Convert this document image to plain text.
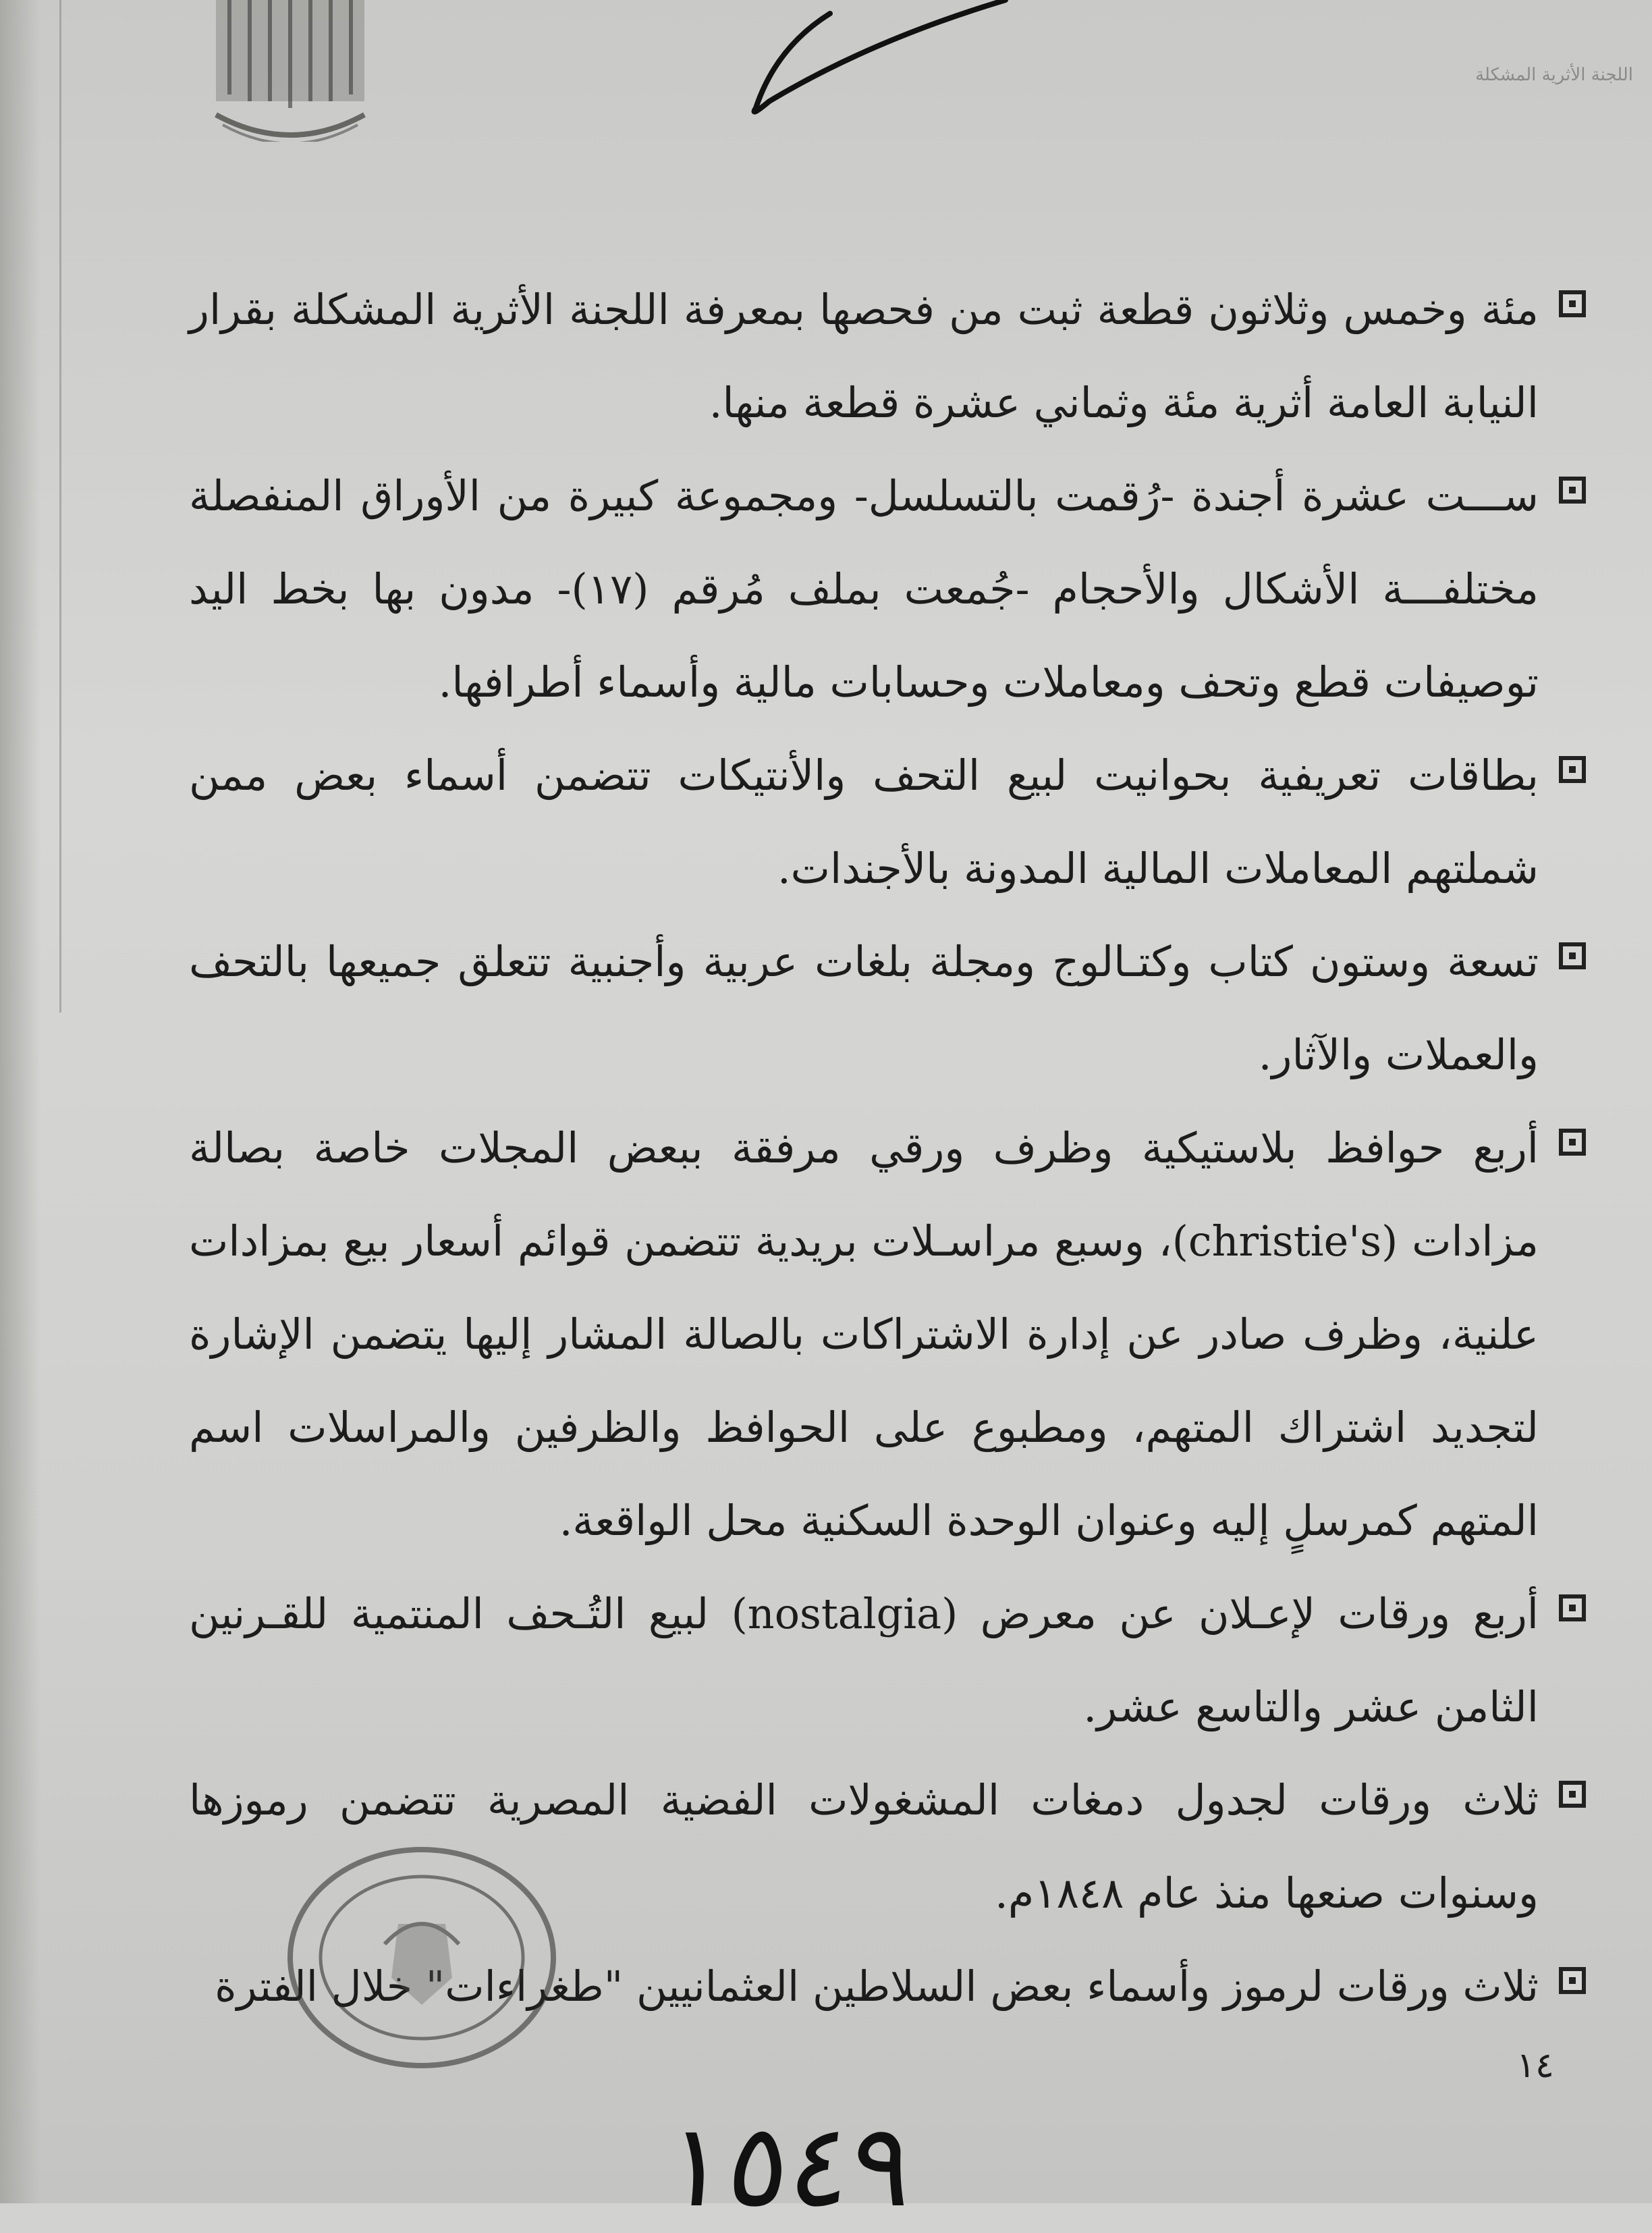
اللجنة الأثرية المشكلة
مئة وخمس وثلاثون قطعة ثبت من فحصها بمعرفة اللجنة الأثرية المشكلة بقرار النيابة العامة أثرية مئة وثماني عشرة قطعة منها.
ســـت عشرة أجندة -رُقمت بالتسلسل- ومجموعة كبيرة من الأوراق المنفصلة مختلفـــة الأشكال والأحجام -جُمعت بملف مُرقم (١٧)- مدون بها بخط اليد توصيفات قطع وتحف ومعاملات وحسابات مالية وأسماء أطرافها.
بطاقات تعريفية بحوانيت لبيع التحف والأنتيكات تتضمن أسماء بعض ممن شملتهم المعاملات المالية المدونة بالأجندات.
تسعة وستون كتاب وكتـالوج ومجلة بلغات عربية وأجنبية تتعلق جميعها بالتحف والعملات والآثار.
أربع حوافظ بلاستيكية وظرف ورقي مرفقة ببعض المجلات خاصة بصالة مزادات (christie's)، وسبع مراسـلات بريدية تتضمن قوائم أسعار بيع بمزادات علنية، وظرف صادر عن إدارة الاشتراكات بالصالة المشار إليها يتضمن الإشارة لتجديد اشتراك المتهم، ومطبوع على الحوافظ والظرفين والمراسلات اسم المتهم كمرسلٍ إليه وعنوان الوحدة السكنية محل الواقعة.
أربع ورقات لإعـلان عن معرض (nostalgia) لبيع التُـحف المنتمية للقـرنين الثامن عشر والتاسع عشر.
ثلاث ورقات لجدول دمغات المشغولات الفضية المصرية تتضمن رموزها وسنوات صنعها منذ عام ١٨٤٨م.
ثلاث ورقات لرموز وأسماء بعض السلاطين العثمانيين "طغراءات" خلال الفترة
١٤
١٥٤٩
